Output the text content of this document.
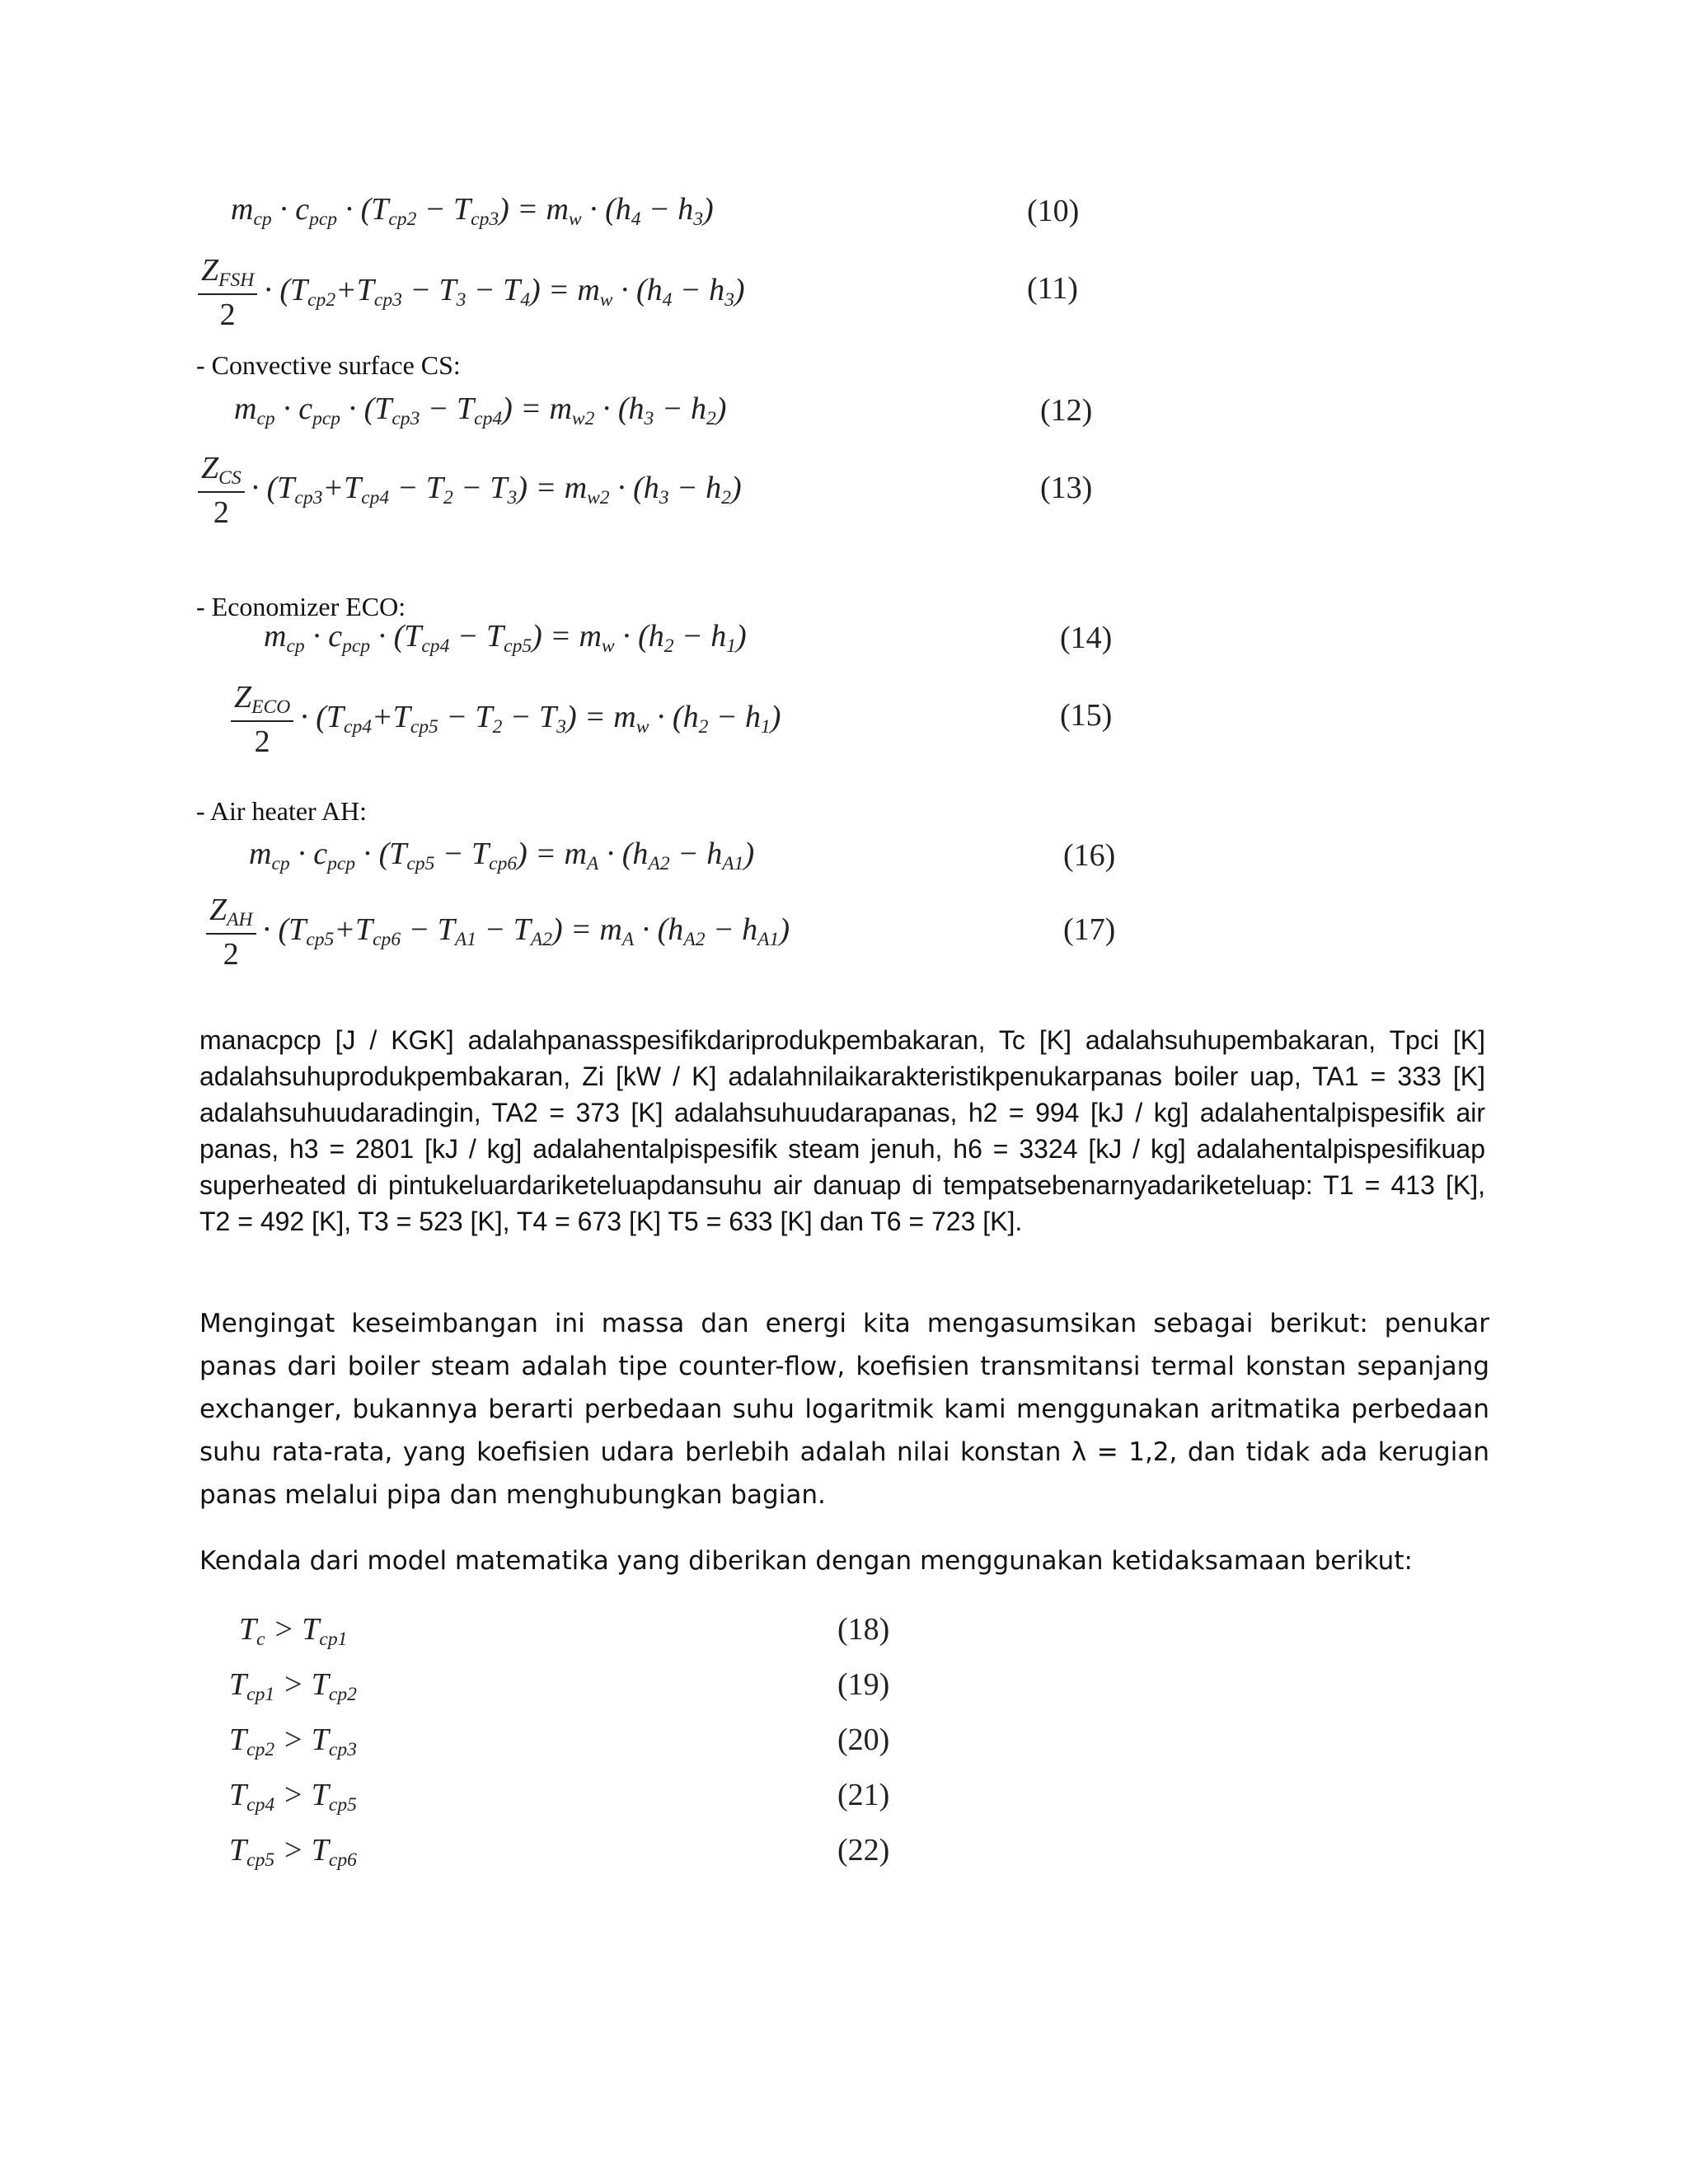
$m_{cp} \cdot c_{pcp} \cdot (T_{cp2} - T_{cp3}) = m_w \cdot (h_4 - h_3)$	(10)
$\frac{Z_{FSH}}{2} \cdot (T_{cp2}+T_{cp3} - T_3 - T_4) = m_w \cdot (h_4 - h_3)$	(11)
- Convective surface CS:
$m_{cp} \cdot c_{pcp} \cdot (T_{cp3} - T_{cp4}) = m_{w2} \cdot (h_3 - h_2)$	(12)
$\frac{Z_{CS}}{2} \cdot (T_{cp3}+T_{cp4} - T_2 - T_3) = m_{w2} \cdot (h_3 - h_2)$	(13)
- Economizer ECO:
$m_{cp} \cdot c_{pcp} \cdot (T_{cp4} - T_{cp5}) = m_w \cdot (h_2 - h_1)$	(14)
$\frac{Z_{ECO}}{2} \cdot (T_{cp4}+T_{cp5} - T_2 - T_3) = m_w \cdot (h_2 - h_1)$	(15)
- Air heater AH:
$m_{cp} \cdot c_{pcp} \cdot (T_{cp5} - T_{cp6}) = m_A \cdot (h_{A2} - h_{A1})$	(16)
$\frac{Z_{AH}}{2} \cdot (T_{cp5}+T_{cp6} - T_{A1} - T_{A2}) = m_A \cdot (h_{A2} - h_{A1})$	(17)
manacpcp [J / KGK] adalahpanasspesifikdariprodukpembakaran, Tc [K] adalahsuhupembakaran, Tpci [K] adalahsuhuprodukpembakaran, Zi [kW / K] adalahnilaikarakteristikpenukarpanas boiler uap, TA1 = 333 [K] adalahsuhuudaradingin, TA2 = 373 [K] adalahsuhuudarapanas, h2 = 994 [kJ / kg] adalahentalpispesifik air panas, h3 = 2801 [kJ / kg] adalahentalpispesifik steam jenuh, h6 = 3324 [kJ / kg] adalahentalpispesifikuap superheated di pintukeluardariketeluapdansuhu air danuap di tempatsebenarnyadariketeluap: T1 = 413 [K], T2 = 492 [K], T3 = 523 [K], T4 = 673 [K] T5 = 633 [K] dan T6 = 723 [K].
Mengingat keseimbangan ini massa dan energi kita mengasumsikan sebagai berikut: penukar panas dari boiler steam adalah tipe counter-flow, koefisien transmitansi termal konstan sepanjang exchanger, bukannya berarti perbedaan suhu logaritmik kami menggunakan aritmatika perbedaan suhu rata-rata, yang koefisien udara berlebih adalah nilai konstan λ = 1,2, dan tidak ada kerugian panas melalui pipa dan menghubungkan bagian.
Kendala dari model matematika yang diberikan dengan menggunakan ketidaksamaan berikut:
$T_c > T_{cp1}$	(18)
$T_{cp1} > T_{cp2}$	(19)
$T_{cp2} > T_{cp3}$	(20)
$T_{cp4} > T_{cp5}$	(21)
$T_{cp5} > T_{cp6}$	(22)
